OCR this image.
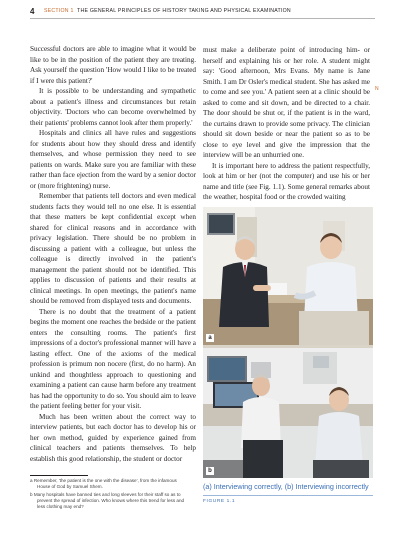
4 SECTION 1 THE GENERAL PRINCIPLES OF HISTORY TAKING AND PHYSICAL EXAMINATION

Successful doctors are able to imagine what it would be like to be in the position of the patient they are treating. Ask yourself the question 'How would I like to be treated if I were this patient?'

It is possible to be understanding and sympathetic about a patient's illness and circumstances but retain objectivity. 'Doctors who can become overwhelmed by their patients' problems cannot look after them properly.'

Hospitals and clinics all have rules and suggestions for students about how they should dress and identify themselves, and whose permission they need to see patients on wards. Make sure you are familiar with these rather than face ejection from the ward by a senior doctor or (more frightening) nurse.

Remember that patients tell doctors and even medical students facts they would tell no one else. It is essential that these matters be kept confidential except when shared for clinical reasons and in accordance with privacy legislation. There should be no problem in discussing a patient with a colleague, but unless the colleague is directly involved in the patient's management the patient should not be identified. This applies to discussion of patients and their results at clinical meetings. In open meetings, the patient's name should be removed from displayed tests and documents.

There is no doubt that the treatment of a patient begins the moment one reaches the bedside or the patient enters the consulting rooms. The patient's first impressions of a doctor's professional manner will have a lasting effect. One of the axioms of the medical profession is primum non nocere (first, do no harm). An unkind and thoughtless approach to questioning and examining a patient can cause harm before any treatment has had the opportunity to do so. You should aim to leave the patient feeling better for your visit.

Much has been written about the correct way to interview patients, but each doctor has to develop his or her own method, guided by experience gained from clinical teachers and patients themselves. To help establish this good relationship, the student or doctor

must make a deliberate point of introducing him- or herself and explaining his or her role. A student might say: 'Good afternoon, Mrs Evans. My name is Jane Smith. I am Dr Osler's medical student. She has asked me to come and see you.' A patient seen at a clinic should be asked to come and sit down, and be directed to a chair. The door should be shut or, if the patient is in the ward, the curtains drawn to provide some privacy. The clinician should sit down beside or near the patient so as to be close to eye level and give the impression that the interview will be an unhurried one.

It is important here to address the patient respectfully, look at him or her (not the computer) and use his or her name and title (see Fig. 1.1). Some general remarks about the weather, hospital food or the crowded waiting

N
a
b
(a) Interviewing correctly, (b) Interviewing incorrectly
FIGURE 1.1
a Remember, 'the patient is the one with the disease', from the infamous House of God by Samuel Shem.
b Many hospitals have banned ties and long sleeves for their staff so as to prevent the spread of infection. Who knows where this trend for less and less clothing may end?
